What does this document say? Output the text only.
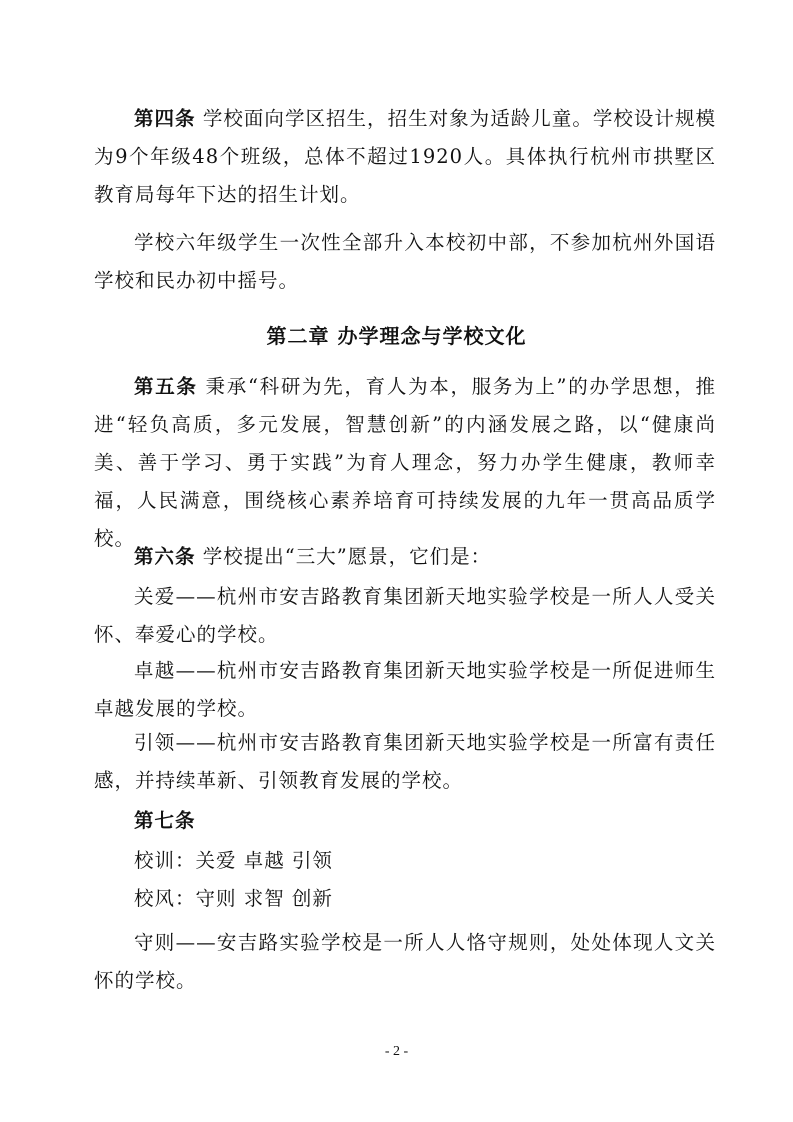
第四条 学校面向学区招生，招生对象为适龄儿童。学校设计规模为9个年级48个班级，总体不超过1920人。具体执行杭州市拱墅区教育局每年下达的招生计划。

学校六年级学生一次性全部升入本校初中部，不参加杭州外国语学校和民办初中摇号。

第二章 办学理念与学校文化

第五条 秉承“科研为先，育人为本，服务为上”的办学思想，推进“轻负高质，多元发展，智慧创新”的内涵发展之路，以“健康尚美、善于学习、勇于实践”为育人理念，努力办学生健康，教师幸福，人民满意，围绕核心素养培育可持续发展的九年一贯高品质学校。

第六条 学校提出“三大”愿景，它们是：

关爱——杭州市安吉路教育集团新天地实验学校是一所人人受关怀、奉爱心的学校。

卓越——杭州市安吉路教育集团新天地实验学校是一所促进师生卓越发展的学校。

引领——杭州市安吉路教育集团新天地实验学校是一所富有责任感，并持续革新、引领教育发展的学校。

第七条

校训：关爱 卓越 引领

校风：守则 求智 创新

守则——安吉路实验学校是一所人人恪守规则，处处体现人文关怀的学校。

- 2 -
